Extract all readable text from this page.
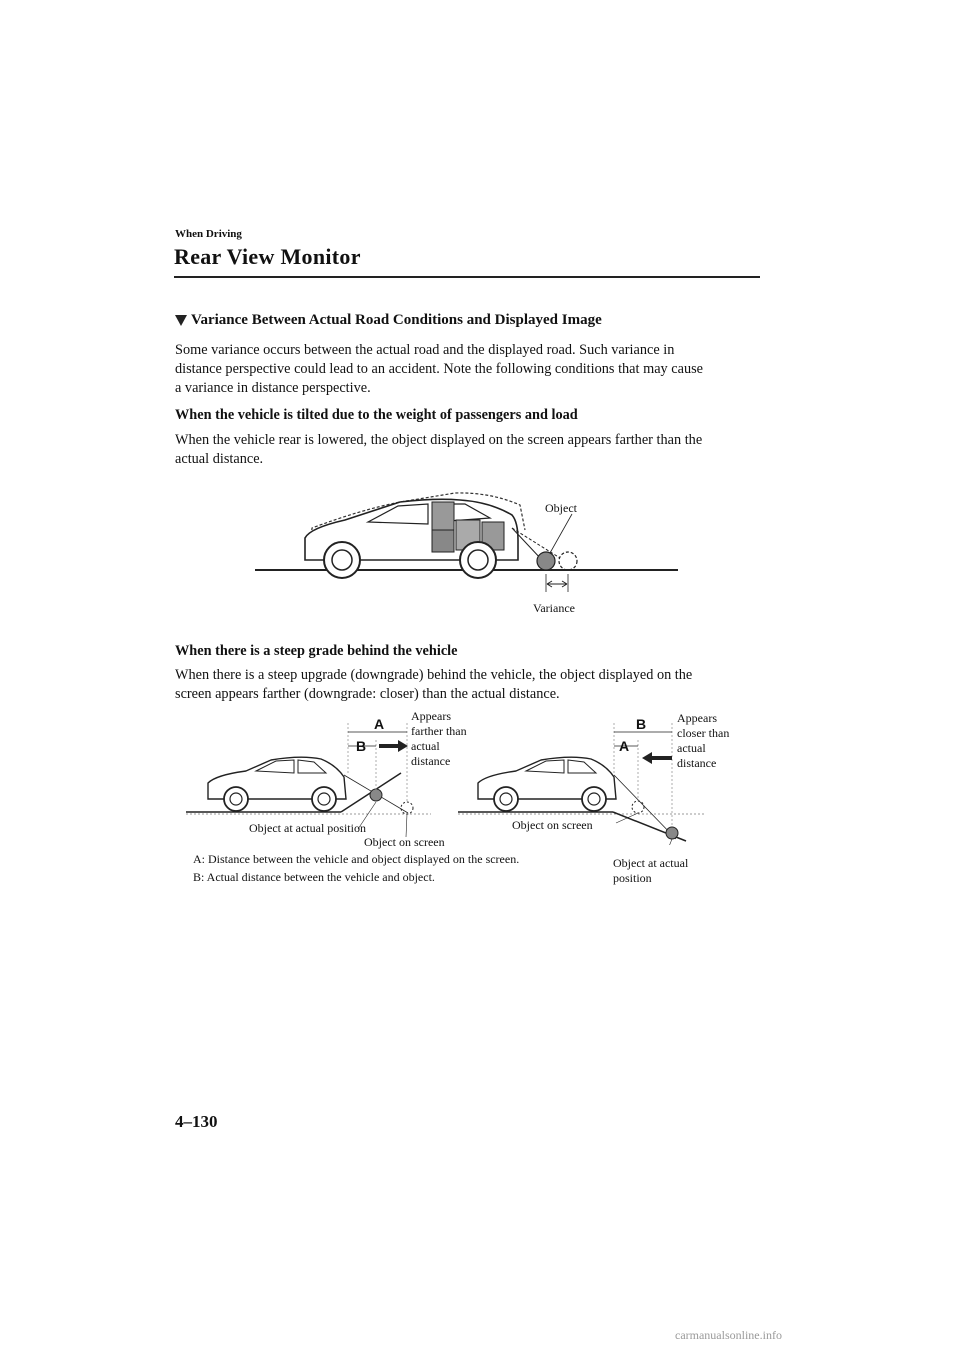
When Driving
Rear View Monitor
Variance Between Actual Road Conditions and Displayed Image
Some variance occurs between the actual road and the displayed road. Such variance in
distance perspective could lead to an accident. Note the following conditions that may cause
a variance in distance perspective.
When the vehicle is tilted due to the weight of passengers and load
When the vehicle rear is lowered, the object displayed on the screen appears farther than the
actual distance.
Object
Variance
When there is a steep grade behind the vehicle
When there is a steep upgrade (downgrade) behind the vehicle, the object displayed on the
screen appears farther (downgrade: closer) than the actual distance.
A
B
Appears
farther than
actual
distance
Object at actual position
Object on screen
B
A
Appears
closer than
actual
distance
Object on screen
Object at actual
position
A: Distance between the vehicle and object displayed on the screen.
B: Actual distance between the vehicle and object.
4–130
carmanualsonline.info
